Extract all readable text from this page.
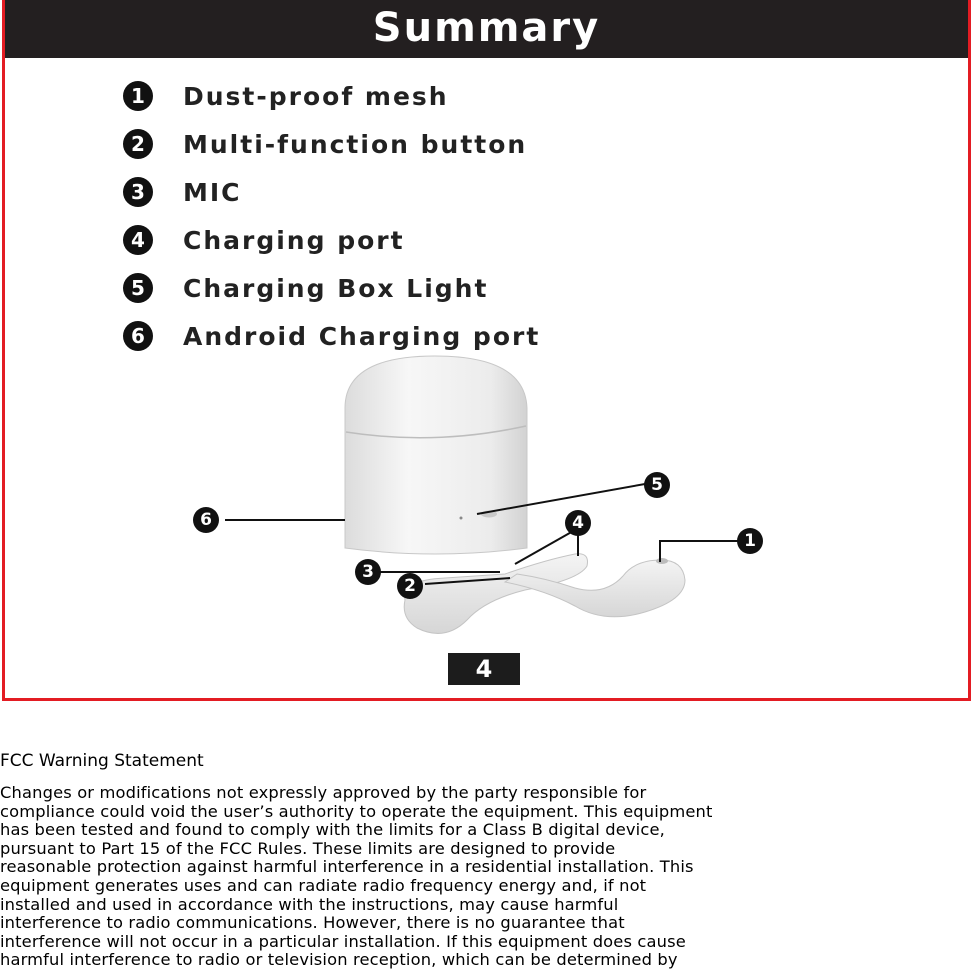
Summary
1	Dust-proof mesh
2	Multi-function button
3	MIC
4	Charging port
5	Charging Box Light
6	Android Charging port
6
5
4
1
3
2
4
FCC Warning Statement
Changes or modifications not expressly approved by the party responsible for
compliance could void the user’s authority to operate the equipment. This equipment
has been tested and found to comply with the limits for a Class B digital device,
pursuant to Part 15 of the FCC Rules. These limits are designed to provide
reasonable protection against harmful interference in a residential installation. This
equipment generates uses and can radiate radio frequency energy and, if not
installed and used in accordance with the instructions, may cause harmful
interference to radio communications. However, there is no guarantee that
interference will not occur in a particular installation. If this equipment does cause
harmful interference to radio or television reception, which can be determined by
